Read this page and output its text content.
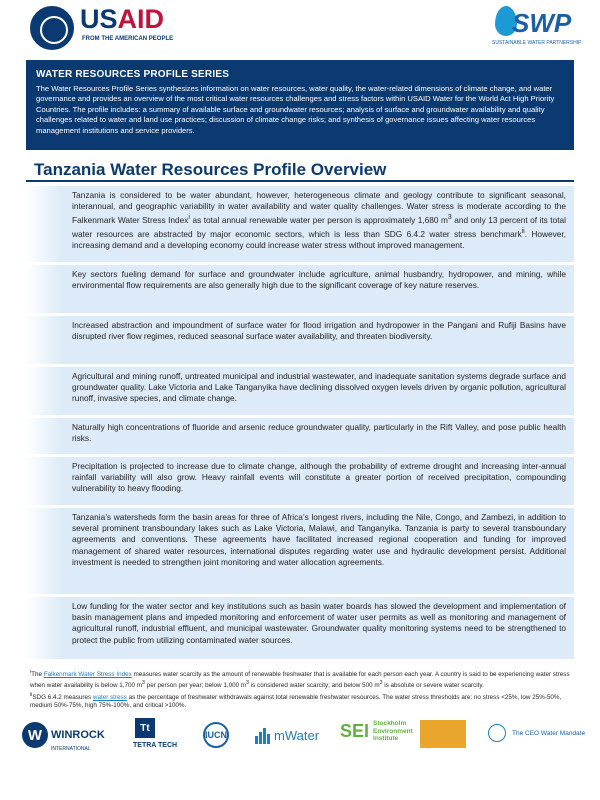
USAID
FROM THE AMERICAN PEOPLE
SWP
SUSTAINABLE WATER PARTNERSHIP
WATER RESOURCES PROFILE SERIES
The Water Resources Profile Series synthesizes information on water resources, water quality, the water-related dimensions of climate change, and water governance and provides an overview of the most critical water resources challenges and stress factors within USAID Water for the World Act High Priority Countries. The profile includes: a summary of available surface and groundwater resources; analysis of surface and groundwater availability and quality challenges related to water and land use practices; discussion of climate change risks; and synthesis of governance issues affecting water resources management institutions and service providers.
Tanzania Water Resources Profile Overview
Tanzania is considered to be water abundant, however, heterogeneous climate and geology contribute to significant seasonal, interannual, and geographic variability in water availability and water quality challenges. Water stress is moderate according to the Falkenmark Water Stress Index$^i$ as total annual renewable water per person is approximately 1,680 $m^3$ and only 13 percent of its total water resources are abstracted by major economic sectors, which is less than SDG 6.4.2 water stress benchmark$^{ii}$. However, increasing demand and a developing economy could increase water stress without improved management.
Key sectors fueling demand for surface and groundwater include agriculture, animal husbandry, hydropower, and mining, while environmental flow requirements are also generally high due to the significant coverage of key nature reserves.
Increased abstraction and impoundment of surface water for flood irrigation and hydropower in the Pangani and Rufiji Basins have disrupted river flow regimes, reduced seasonal surface water availability, and threaten biodiversity.
Agricultural and mining runoff, untreated municipal and industrial wastewater, and inadequate sanitation systems degrade surface and groundwater quality. Lake Victoria and Lake Tanganyika have declining dissolved oxygen levels driven by organic pollution, agricultural runoff, invasive species, and climate change.
Naturally high concentrations of fluoride and arsenic reduce groundwater quality, particularly in the Rift Valley, and pose public health risks.
Precipitation is projected to increase due to climate change, although the probability of extreme drought and increasing inter-annual rainfall variability will also grow. Heavy rainfall events will constitute a greater portion of received precipitation, compounding vulnerability to heavy flooding.
Tanzania’s watersheds form the basin areas for three of Africa’s longest rivers, including the Nile, Congo, and Zambezi, in addition to several prominent transboundary lakes such as Lake Victoria, Malawi, and Tanganyika. Tanzania is party to several transboundary agreements and conventions. These agreements have facilitated increased regional cooperation and funding for improved management of shared water resources, international disputes regarding water use and hydraulic development persist. Additional investment is needed to strengthen joint monitoring and water allocation agreements.
Low funding for the water sector and key institutions such as basin water boards has slowed the development and implementation of basin management plans and impeded monitoring and enforcement of water user permits as well as monitoring and management of agricultural runoff, industrial effluent, and municipal wastewater. Groundwater quality monitoring systems need to be strengthened to protect the public from utilizing contaminated water sources.
$^i$The Falkenmark Water Stress Index measures water scarcity as the amount of renewable freshwater that is available for each person each year. A country is said to be experiencing water stress when water availability is below 1,700 $m^3$ per person per year; below 1,000 $m^3$ is considered water scarcity; and below 500 $m^3$ is absolute or severe water scarcity.
$^{ii}$SDG 6.4.2 measures water stress as the percentage of freshwater withdrawals against total renewable freshwater resources. The water stress thresholds are: no stress <25%, low 25%-50%, medium 50%-75%, high 75%-100%, and critical >100%.
W WINROCK
INTERNATIONAL
Tt
TETRA TECH
IUCN	mWater SEI Stockholm
Environment
Institute
The CEO Water Mandate
